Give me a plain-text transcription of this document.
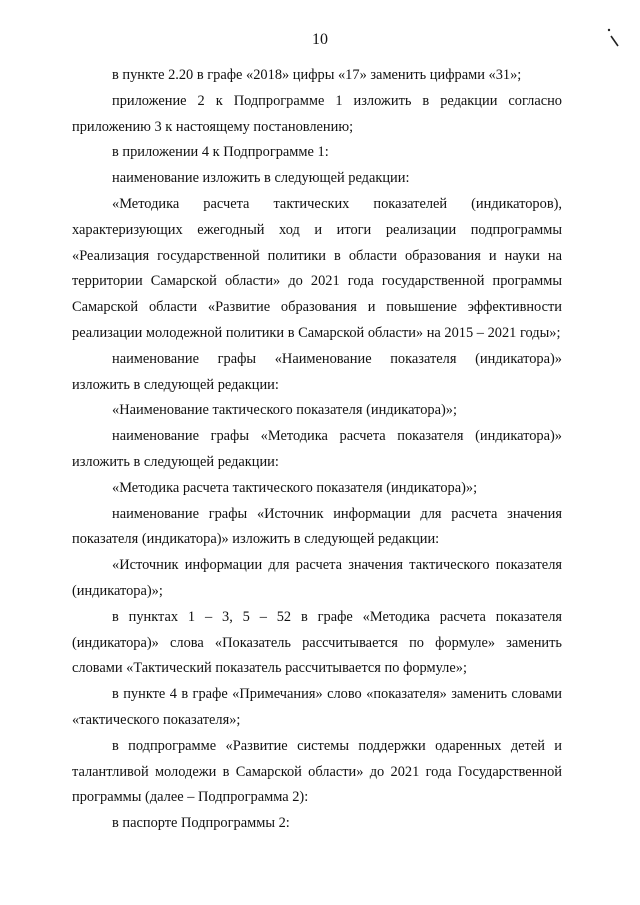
10

в пункте 2.20 в графе «2018» цифры «17» заменить цифрами «31»;

приложение 2 к Подпрограмме 1 изложить в редакции согласно приложению 3 к настоящему постановлению;

в приложении 4 к Подпрограмме 1:

наименование изложить в следующей редакции:

«Методика расчета тактических показателей (индикаторов), характеризующих ежегодный ход и итоги реализации подпрограммы «Реализация государственной политики в области образования и науки на территории Самарской области» до 2021 года государственной программы Самарской области «Развитие образования и повышение эффективности реализации молодежной политики в Самарской области» на 2015 – 2021 годы»;

наименование графы «Наименование показателя (индикатора)» изложить в следующей редакции:

«Наименование тактического показателя (индикатора)»;

наименование графы «Методика расчета показателя (индикатора)» изложить в следующей редакции:

«Методика расчета тактического показателя (индикатора)»;

наименование графы «Источник информации для расчета значения показателя (индикатора)» изложить в следующей редакции:

«Источник информации для расчета значения тактического показателя (индикатора)»;

в пунктах 1 – 3, 5 – 52 в графе «Методика расчета показателя (индикатора)» слова «Показатель рассчитывается по формуле» заменить словами «Тактический показатель рассчитывается по формуле»;

в пункте 4 в графе «Примечания» слово «показателя» заменить словами «тактического показателя»;

в подпрограмме «Развитие системы поддержки одаренных детей и талантливой молодежи в Самарской области» до 2021 года Государственной программы (далее – Подпрограмма 2):

в паспорте Подпрограммы 2:
